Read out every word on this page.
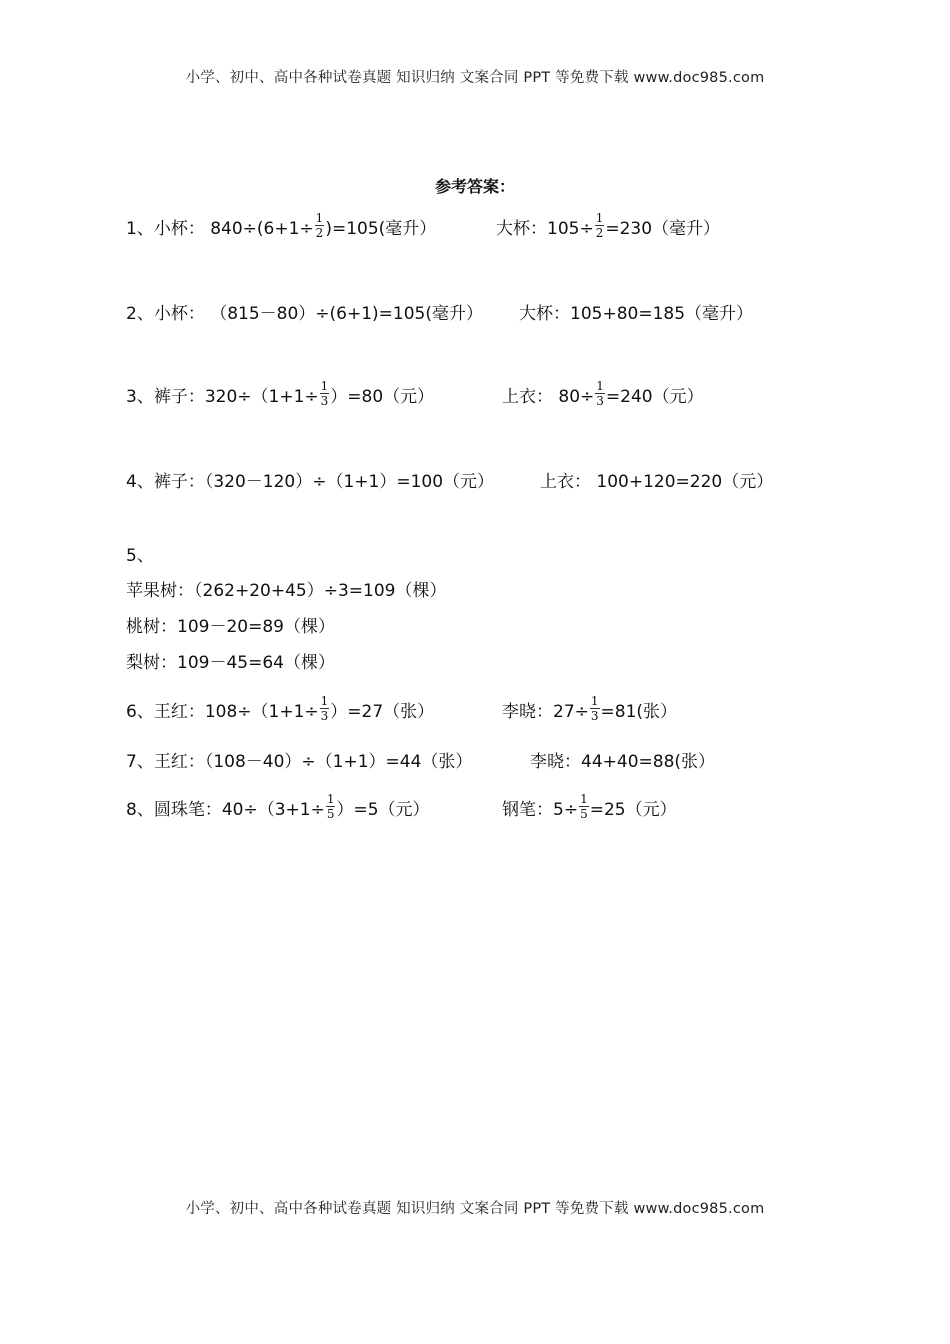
小学、初中、高中各种试卷真题 知识归纳 文案合同 PPT 等免费下载 www.doc985.com
参考答案：
1、小杯： $840\div(6+1\div \frac{1}{2} )=105$(毫升）	大杯：$105\div \frac{1}{2} =230$（毫升）
2、小杯： （815－80）÷(6+1)=105(毫升） 大杯：105+80=185（毫升）
3、裤子：$320\div(1+1\div \frac{1}{3} )=80$（元）	上衣： $80\div \frac{1}{3} =240$（元）
4、裤子：（320－120）÷（1+1）=100（元）	上衣： 100+120=220（元）
5、
苹果树：（262+20+45）÷3=109（棵）
桃树：109－20=89（棵）
梨树：109－45=64（棵）
6、王红：$108\div(1+1\div \frac{1}{3} )=27$（张）	李晓：$27\div \frac{1}{3} =81$(张）
7、王红：（108－40）÷（1+1）=44（张）	李晓：44+40=88(张）
8、圆珠笔：$40\div(3+1\div \frac{1}{5} )=5$（元）	钢笔：$5\div \frac{1}{5} =25$（元）
小学、初中、高中各种试卷真题 知识归纳 文案合同 PPT 等免费下载 www.doc985.com
